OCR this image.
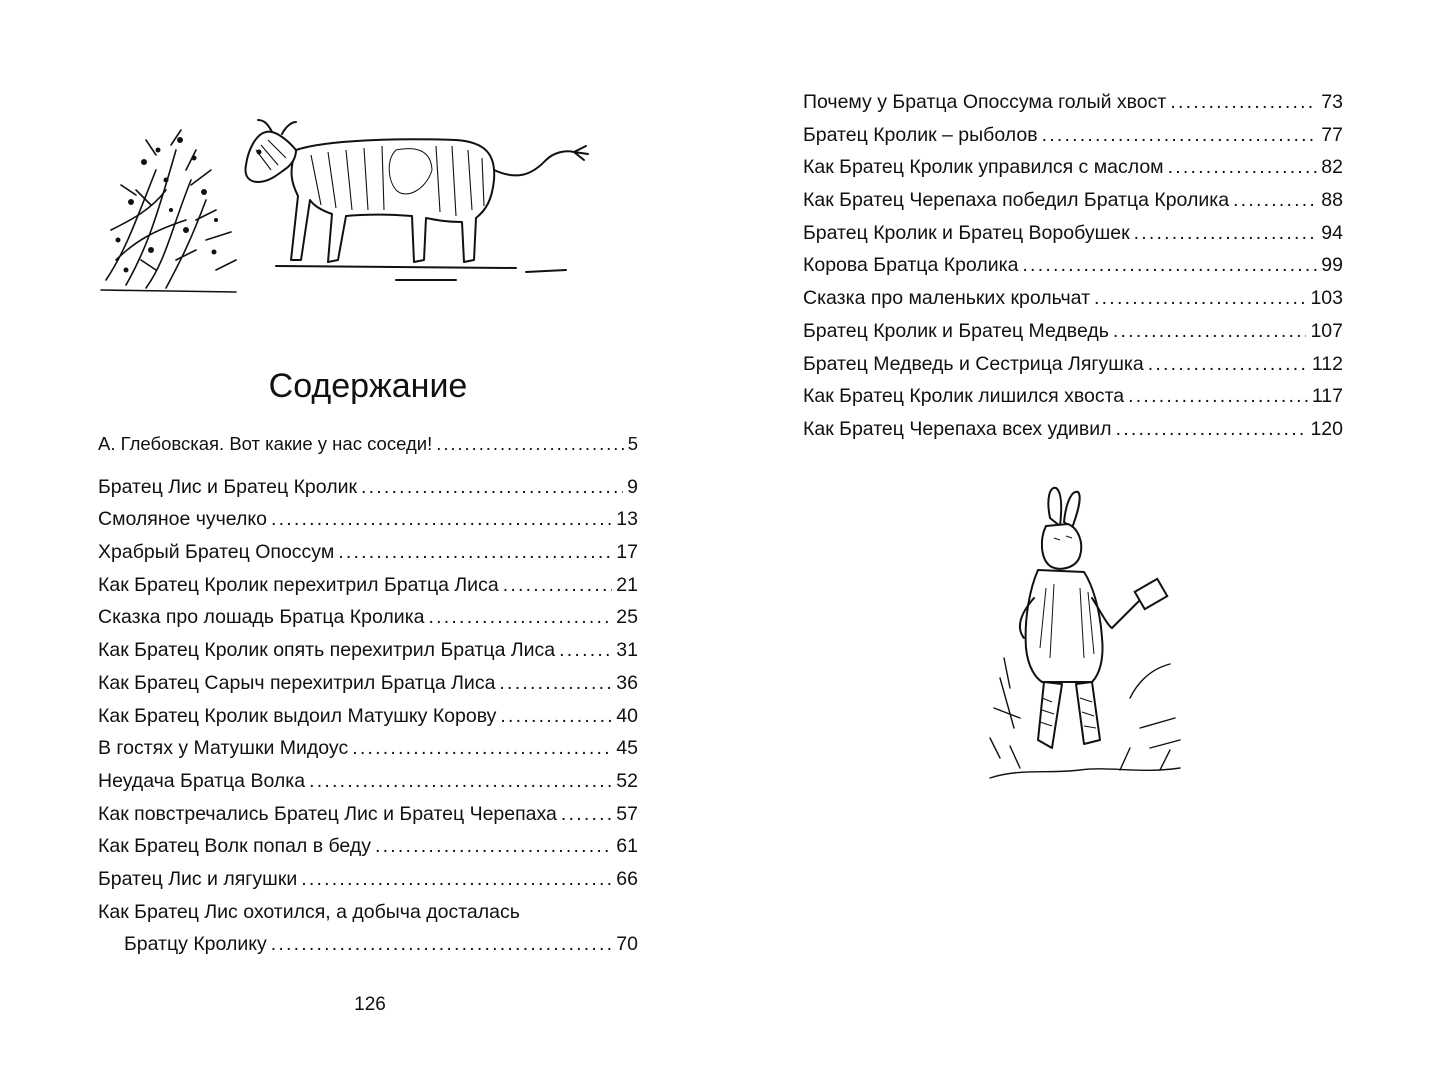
Содержание
А. Глебовская. Вот какие у нас соседи! . . .	5
Братец Лис и Братец Кролик . . .	9
Смоляное чучелко . . .	13
Храбрый Братец Опоссум . . .	17
Как Братец Кролик перехитрил Братца Лиса . . .	21
Сказка про лошадь Братца Кролика . . .	25
Как Братец Кролик опять перехитрил Братца Лиса . . .	31
Как Братец Сарыч перехитрил Братца Лиса . . .	36
Как Братец Кролик выдоил Матушку Корову . . .	40
В гостях у Матушки Мидоус . . .	45
Неудача Братца Волка . . .	52
Как повстречались Братец Лис и Братец Черепаха . . .	57
Как Братец Волк попал в беду . . .	61
Братец Лис и лягушки . . .	66
Как Братец Лис охотился, а добыча досталась
Братцу Кролику . . .	70
126
Почему у Братца Опоссума голый хвост . . .	73
Братец Кролик – рыболов . . .	77
Как Братец Кролик управился с маслом . . .	82
Как Братец Черепаха победил Братца Кролика . . .	88
Братец Кролик и Братец Воробушек . . .	94
Корова Братца Кролика . . .	99
Сказка про маленьких крольчат . . .	103
Братец Кролик и Братец Медведь . . .	107
Братец Медведь и Сестрица Лягушка . . .	112
Как Братец Кролик лишился хвоста . . .	117
Как Братец Черепаха всех удивил . . .	120
